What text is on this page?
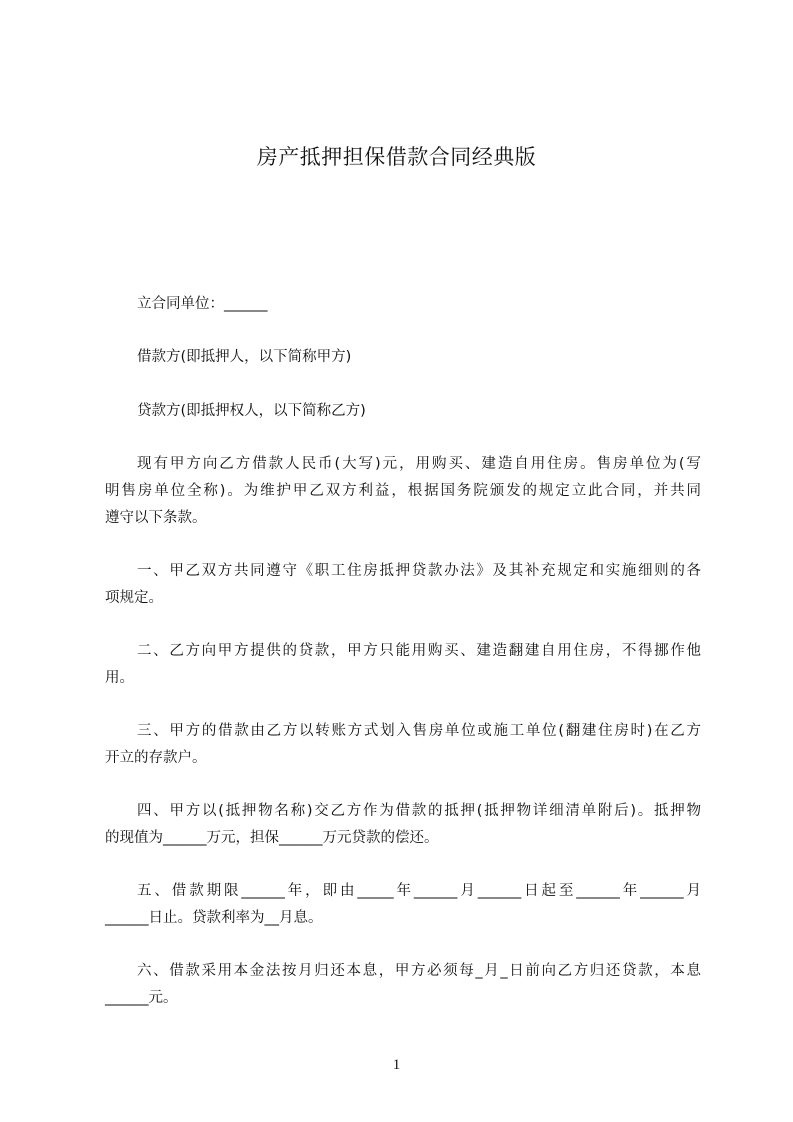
房产抵押担保借款合同经典版
立合同单位：______
借款方(即抵押人，以下简称甲方)
贷款方(即抵押权人，以下简称乙方)
现有甲方向乙方借款人民币(大写)元，用购买、建造自用住房。售房单位为(写
明售房单位全称)。为维护甲乙双方利益，根据国务院颁发的规定立此合同，并共同
遵守以下条款。
一、甲乙双方共同遵守《职工住房抵押贷款办法》及其补充规定和实施细则的各
项规定。
二、乙方向甲方提供的贷款，甲方只能用购买、建造翻建自用住房，不得挪作他
用。
三、甲方的借款由乙方以转账方式划入售房单位或施工单位(翻建住房时)在乙方
开立的存款户。
四、甲方以(抵押物名称)交乙方作为借款的抵押(抵押物详细清单附后)。抵押物
的现值为______万元，担保______万元贷款的偿还。
五、借款期限______年，即由_____年______月______日起至______年______月
______日止。贷款利率为__月息。
六、借款采用本金法按月归还本息，甲方必须每_月_日前向乙方归还贷款，本息
______元。
1
